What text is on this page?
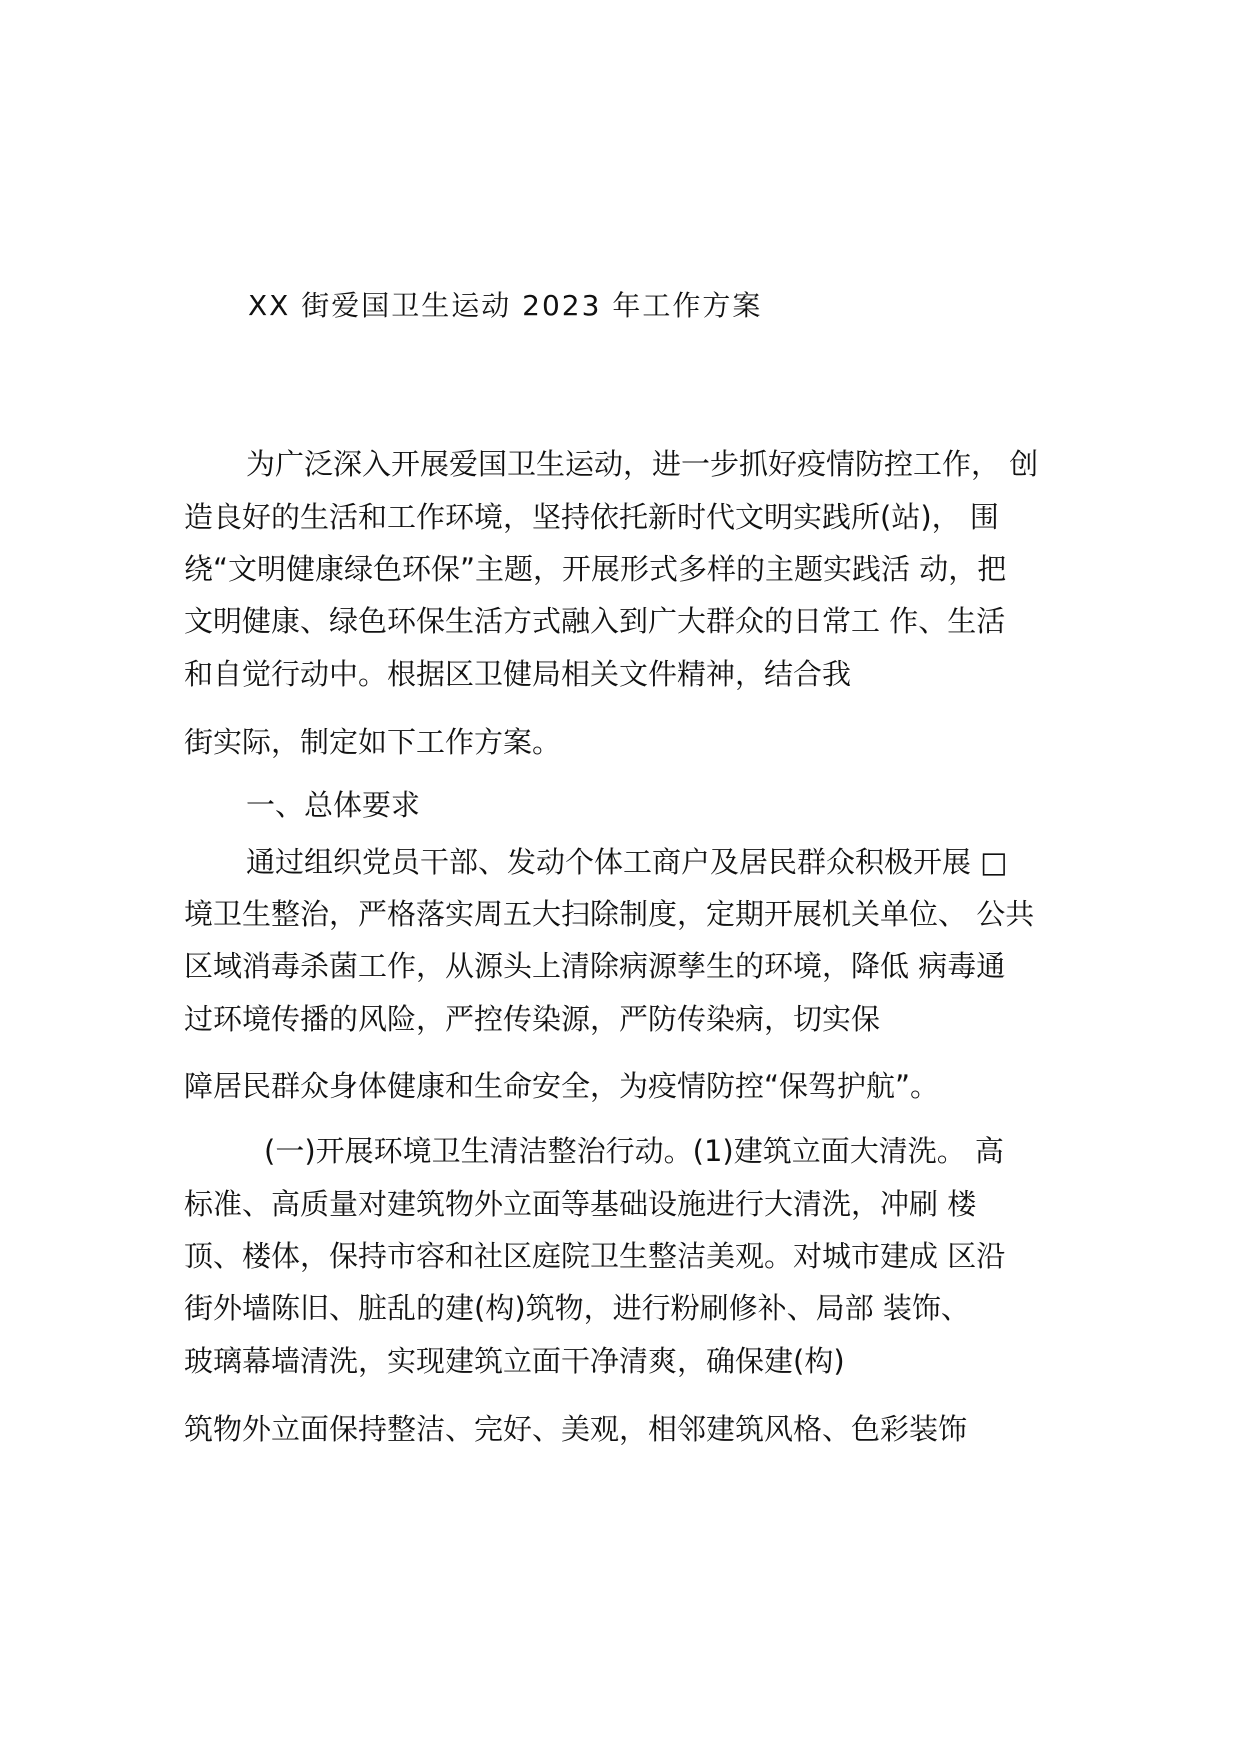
XX 街爱国卫生运动 2023 年工作方案
为广泛深入开展爱国卫生运动，进一步抓好疫情防控工作， 创
造良好的生活和工作环境，坚持依托新时代文明实践所(站)， 围
绕“文明健康绿色环保”主题，开展形式多样的主题实践活 动，把
文明健康、绿色环保生活方式融入到广大群众的日常工 作、生活
和自觉行动中。根据区卫健局相关文件精神，结合我
街实际，制定如下工作方案。
一、总体要求
通过组织党员干部、发动个体工商户及居民群众积极开展 □
境卫生整治，严格落实周五大扫除制度，定期开展机关单位、 公共
区域消毒杀菌工作，从源头上清除病源孳生的环境，降低 病毒通
过环境传播的风险，严控传染源，严防传染病，切实保
障居民群众身体健康和生命安全，为疫情防控“保驾护航”。
(一)开展环境卫生清洁整治行动。(1)建筑立面大清洗。 高
标准、高质量对建筑物外立面等基础设施进行大清洗，冲刷 楼
顶、楼体，保持市容和社区庭院卫生整洁美观。对城市建成 区沿
街外墙陈旧、脏乱的建(构)筑物，进行粉刷修补、局部 装饰、
玻璃幕墙清洗，实现建筑立面干净清爽，确保建(构)
筑物外立面保持整洁、完好、美观，相邻建筑风格、色彩装饰
